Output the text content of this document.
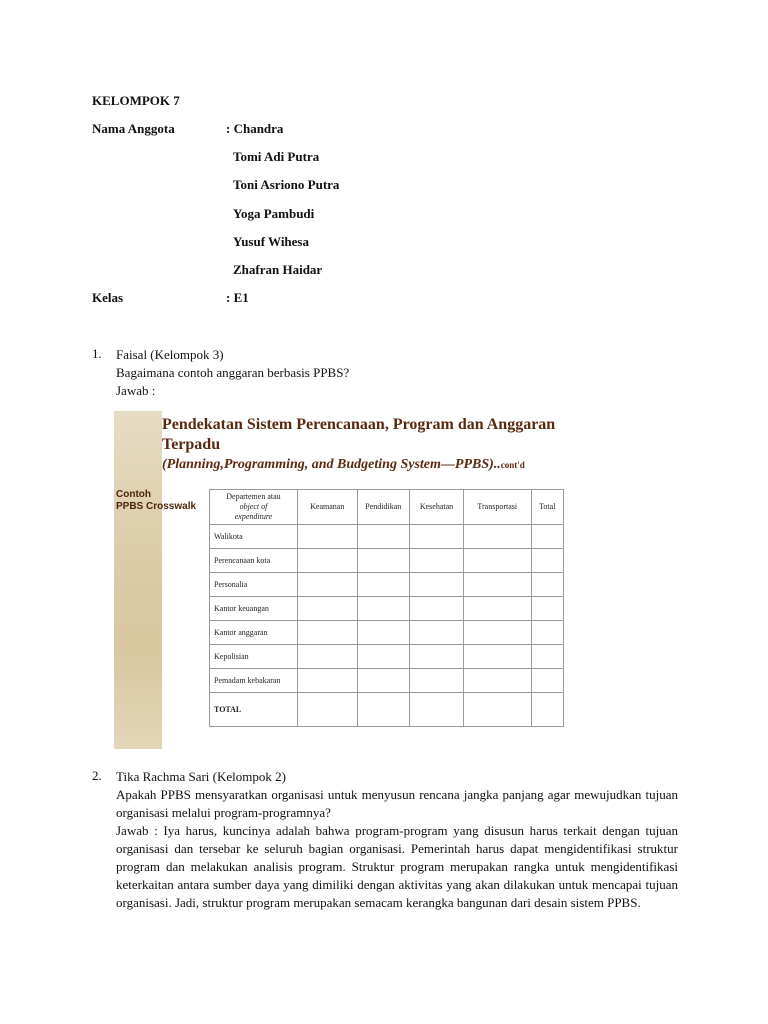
KELOMPOK 7
Nama Anggota	: Chandra
Tomi Adi Putra
Toni Asriono Putra
Yoga Pambudi
Yusuf Wihesa
Zhafran Haidar
Kelas	: E1
1. Faisal (Kelompok 3)
Bagaimana contoh anggaran berbasis PPBS?
Jawab :
Pendekatan Sistem Perencanaan, Program dan Anggaran
Terpadu
(Planning,Programming, and Budgeting System—PPBS)..cont'd
Contoh
PPBS Crosswalk
Departemen atau
object of
expenditure	Keamanan	Pendidikan	Kesehatan	Transportasi	Total
Walikota					
Perencanaan kota					
Personalia					
Kantor keuangan					
Kantor anggaran					
Kepolisian					
Pemadam kebakaran					
TOTAL					
2. Tika Rachma Sari (Kelompok 2)
Apakah PPBS mensyaratkan organisasi untuk menyusun rencana jangka panjang agar mewujudkan tujuan organisasi melalui program-programnya?
Jawab : Iya harus, kuncinya adalah bahwa program-program yang disusun harus terkait dengan tujuan organisasi dan tersebar ke seluruh bagian organisasi. Pemerintah harus dapat mengidentifikasi struktur program dan melakukan analisis program. Struktur program merupakan rangka untuk mengidentifikasi keterkaitan antara sumber daya yang dimiliki dengan aktivitas yang akan dilakukan untuk mencapai tujuan organisasi. Jadi, struktur program merupakan semacam kerangka bangunan dari desain sistem PPBS.
